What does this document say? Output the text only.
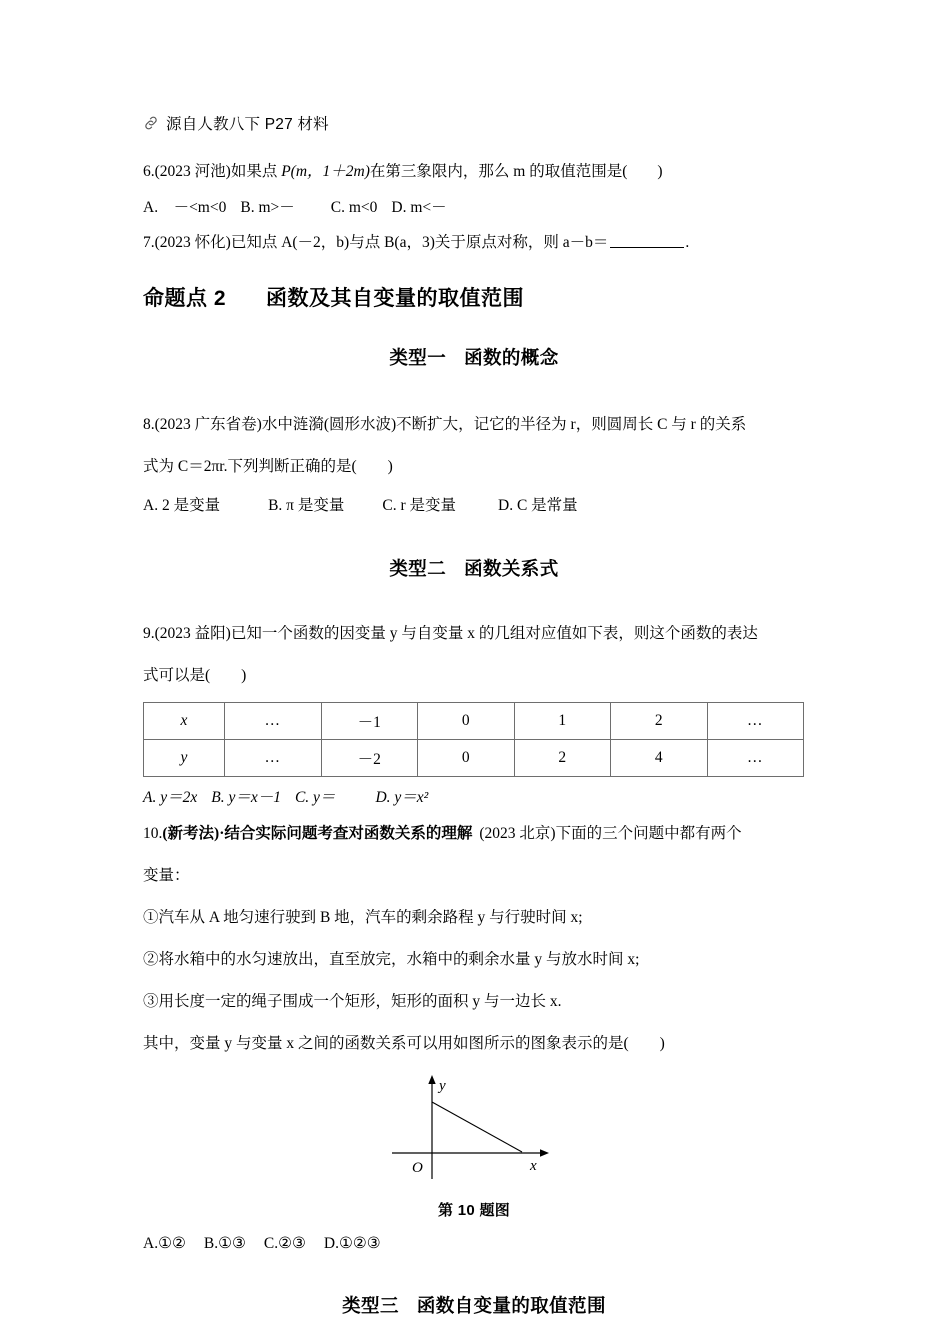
源自人教八下 P27 材料
6.(2023 河池)如果点 P(m，1＋2m)在第三象限内，那么 m 的取值范围是( )
A.　－<m<0 B. m>－ C. m<0 D. m<－
7.(2023 怀化)已知点 A(－2，b)与点 B(a，3)关于原点对称，则 a－b＝	.
命题点 2 函数及其自变量的取值范围
类型一 函数的概念
8.(2023 广东省卷)水中涟漪(圆形水波)不断扩大，记它的半径为 r，则圆周长 C 与 r 的关系
式为 C＝2πr.下列判断正确的是(　　)
A. 2 是变量	B. π 是变量 C. r 是变量	D. C 是常量
类型二 函数关系式
9.(2023 益阳)已知一个函数的因变量 y 与自变量 x 的几组对应值如下表，则这个函数的表达
式可以是(　　)
x	…	－1	0	1	2	…
y	…	－2	0	2	4	…
A. y＝2x B. y＝x－1 C. y＝	D. y＝x²
10.(新考法)·结合实际问题考查对函数关系的理解 (2023 北京)下面的三个问题中都有两个
变量：
①汽车从 A 地匀速行驶到 B 地，汽车的剩余路程 y 与行驶时间 x;
②将水箱中的水匀速放出，直至放完，水箱中的剩余水量 y 与放水时间 x;
③用长度一定的绳子围成一个矩形，矩形的面积 y 与一边长 x.
其中，变量 y 与变量 x 之间的函数关系可以用如图所示的图象表示的是(　　)
y
x
O
第 10 题图
A.①② B.①③ C.②③ D.①②③
类型三 函数自变量的取值范围
